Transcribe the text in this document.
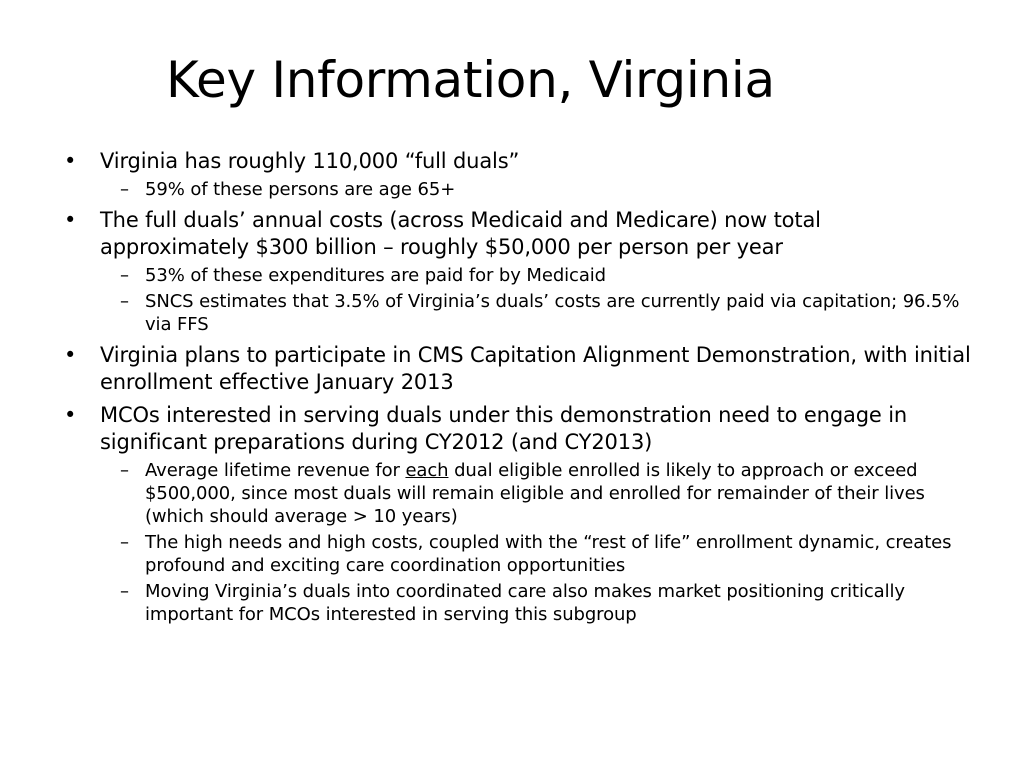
Key Information, Virginia
• Virginia has roughly 110,000 “full duals”
– 59% of these persons are age 65+
• The full duals’ annual costs (across Medicaid and Medicare) now total approximately $300 billion – roughly $50,000 per person per year
– 53% of these expenditures are paid for by Medicaid
– SNCS estimates that 3.5% of Virginia’s duals’ costs are currently paid via capitation; 96.5% via FFS
• Virginia plans to participate in CMS Capitation Alignment Demonstration, with initial enrollment effective January 2013
• MCOs interested in serving duals under this demonstration need to engage in significant preparations during CY2012 (and CY2013)
– Average lifetime revenue for each dual eligible enrolled is likely to approach or exceed $500,000, since most duals will remain eligible and enrolled for remainder of their lives (which should average > 10 years)
– The high needs and high costs, coupled with the “rest of life” enrollment dynamic, creates profound and exciting care coordination opportunities
– Moving Virginia’s duals into coordinated care also makes market positioning critically important for MCOs interested in serving this subgroup
